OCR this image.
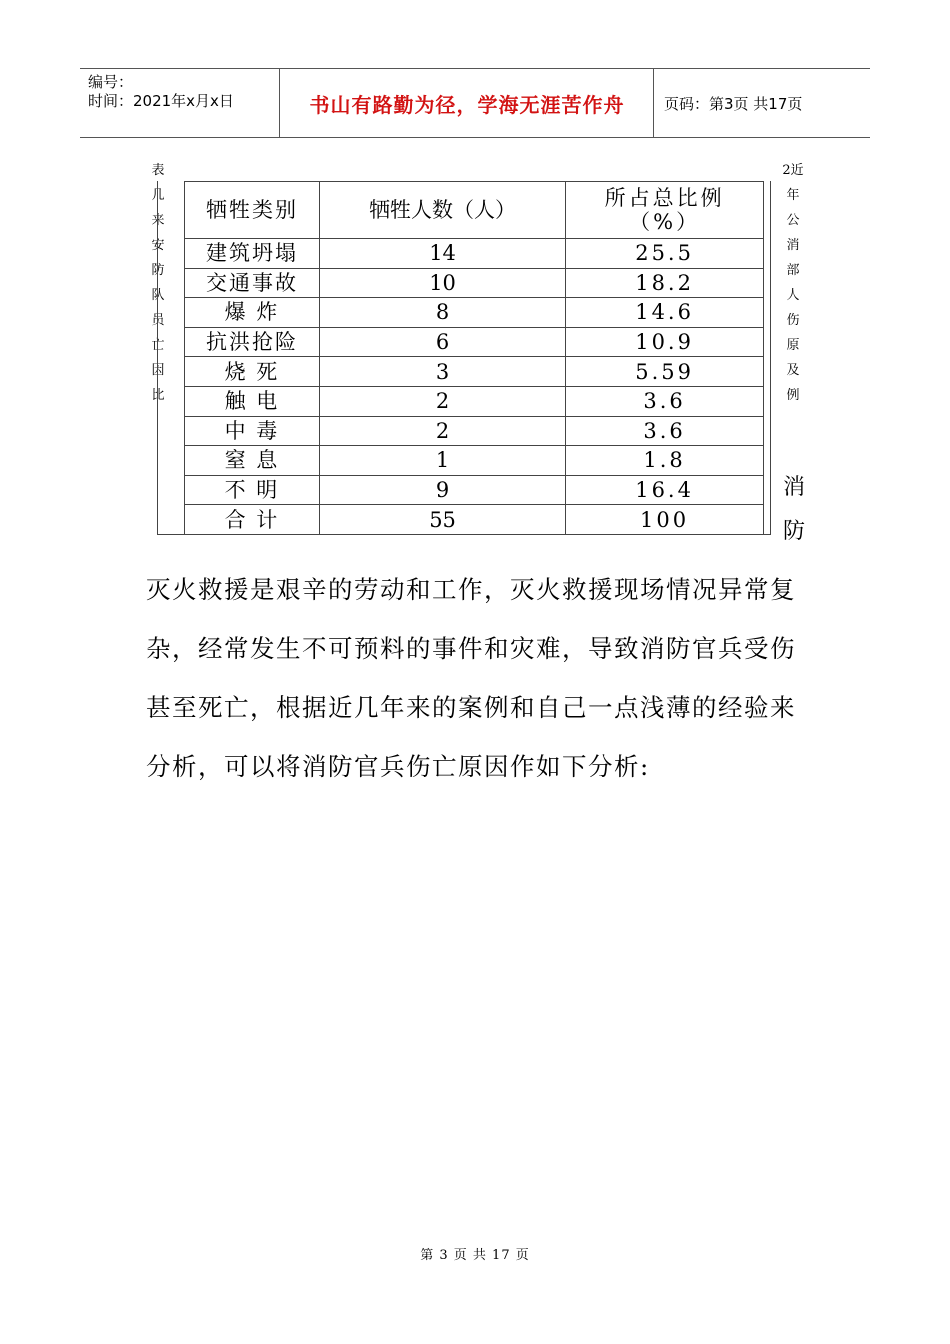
编号：
时间：2021年x月x日	书山有路勤为径，学海无涯苦作舟	页码：第3页 共17页
表
几
来
安
防
队
员
亡
因
比
2近
年
公
消
部
人
伤
原
及
例
消
防
牺牲类别	牺牲人数（人）	所占总比例
（%）

建筑坍塌	14	25.5
交通事故	10	18.2
爆 炸	8	14.6
抗洪抢险	6	10.9
烧 死	3	5.59
触 电	2	3.6
中 毒	2	3.6
窒 息	1	1.8
不 明	9	16.4
合 计	55	100
灭火救援是艰辛的劳动和工作，灭火救援现场情况异常复杂，经常发生不可预料的事件和灾难，导致消防官兵受伤甚至死亡，根据近几年来的案例和自己一点浅薄的经验来分析，可以将消防官兵伤亡原因作如下分析:
第 3 页 共 17 页
